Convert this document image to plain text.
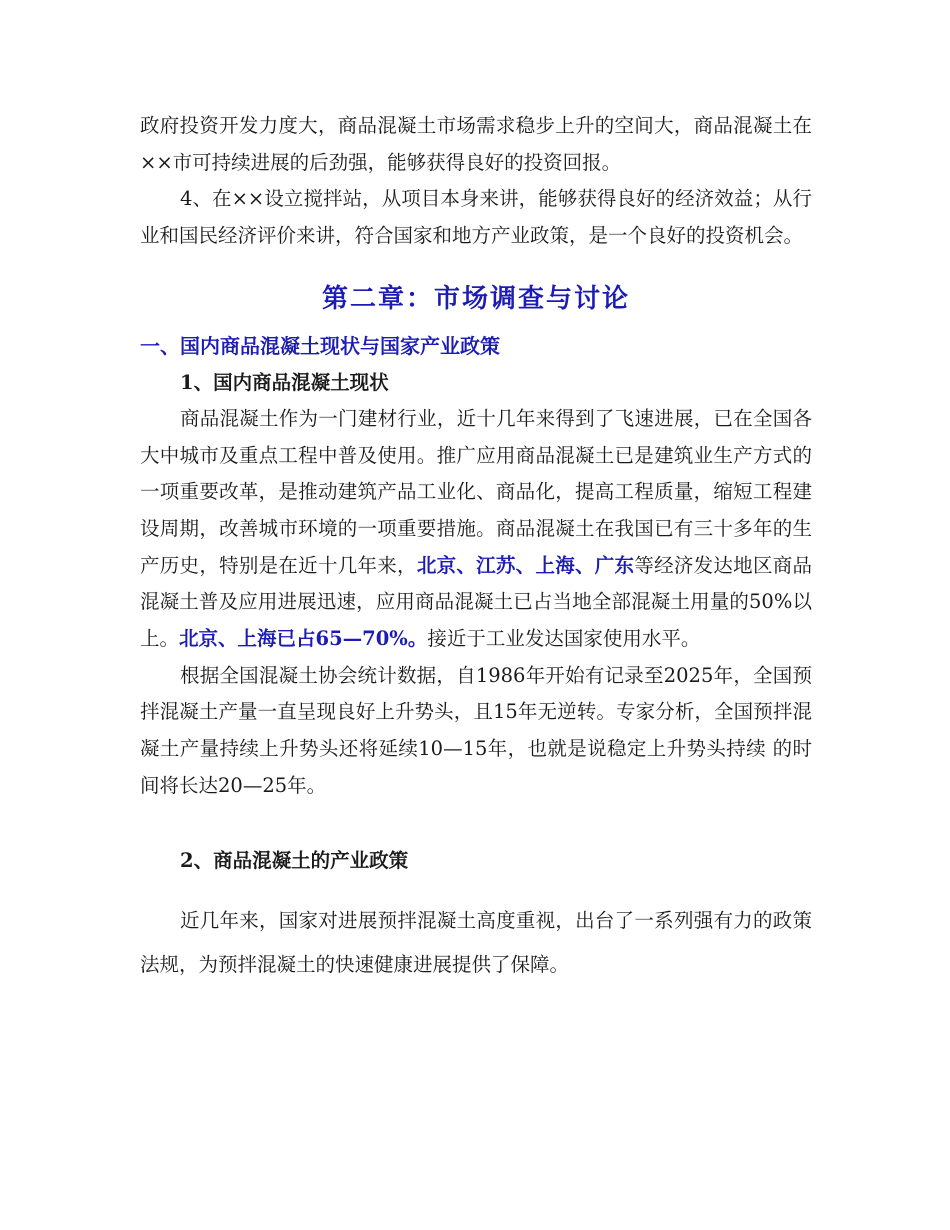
政府投资开发力度大，商品混凝土市场需求稳步上升的空间大，商品混凝土在××市可持续进展的后劲强，能够获得良好的投资回报。

4、在××设立搅拌站，从项目本身来讲，能够获得良好的经济效益；从行业和国民经济评价来讲，符合国家和地方产业政策，是一个良好的投资机会。

第二章：市场调查与讨论
一、国内商品混凝土现状与国家产业政策
1、国内商品混凝土现状

商品混凝土作为一门建材行业，近十几年来得到了飞速进展，已在全国各大中城市及重点工程中普及使用。推广应用商品混凝土已是建筑业生产方式的一项重要改革，是推动建筑产品工业化、商品化，提高工程质量，缩短工程建设周期，改善城市环境的一项重要措施。商品混凝土在我国已有三十多年的生产历史，特别是在近十几年来，北京、江苏、上海、广东等经济发达地区商品混凝土普及应用进展迅速，应用商品混凝土已占当地全部混凝土用量的50%以上。北京、上海已占65—70%。接近于工业发达国家使用水平。

根据全国混凝土协会统计数据，自1986年开始有记录至2025年，全国预拌混凝土产量一直呈现良好上升势头，且15年无逆转。专家分析，全国预拌混凝土产量持续上升势头还将延续10—15年，也就是说稳定上升势头持续 的时间将长达20—25年。

2、商品混凝土的产业政策

近几年来，国家对进展预拌混凝土高度重视，出台了一系列强有力的政策法规，为预拌混凝土的快速健康进展提供了保障。
